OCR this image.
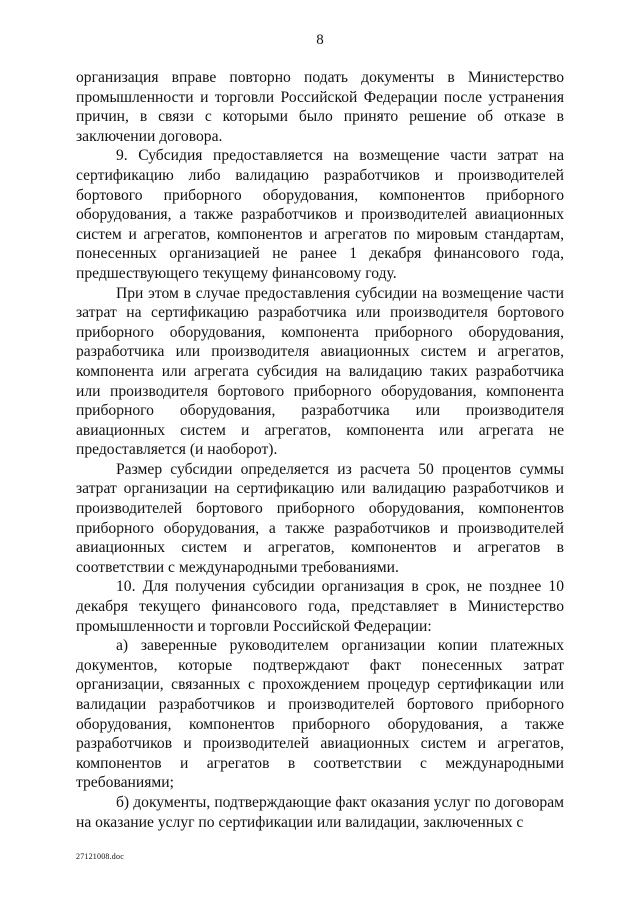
8

организация вправе повторно подать документы в Министерство промышленности и торговли Российской Федерации после устранения причин, в связи с которыми было принято решение об отказе в заключении договора.

9. Субсидия предоставляется на возмещение части затрат на сертификацию либо валидацию разработчиков и производителей бортового приборного оборудования, компонентов приборного оборудования, а также разработчиков и производителей авиационных систем и агрегатов, компонентов и агрегатов по мировым стандартам, понесенных организацией не ранее 1 декабря финансового года, предшествующего текущему финансовому году.

При этом в случае предоставления субсидии на возмещение части затрат на сертификацию разработчика или производителя бортового приборного оборудования, компонента приборного оборудования, разработчика или производителя авиационных систем и агрегатов, компонента или агрегата субсидия на валидацию таких разработчика или производителя бортового приборного оборудования, компонента приборного оборудования, разработчика или производителя авиационных систем и агрегатов, компонента или агрегата не предоставляется (и наоборот).

Размер субсидии определяется из расчета 50 процентов суммы затрат организации на сертификацию или валидацию разработчиков и производителей бортового приборного оборудования, компонентов приборного оборудования, а также разработчиков и производителей авиационных систем и агрегатов, компонентов и агрегатов в соответствии с международными требованиями.

10. Для получения субсидии организация в срок, не позднее 10 декабря текущего финансового года, представляет в Министерство промышленности и торговли Российской Федерации:

а) заверенные руководителем организации копии платежных документов, которые подтверждают факт понесенных затрат организации, связанных с прохождением процедур сертификации или валидации разработчиков и производителей бортового приборного оборудования, компонентов приборного оборудования, а также разработчиков и производителей авиационных систем и агрегатов, компонентов и агрегатов в соответствии с международными требованиями;

б) документы, подтверждающие факт оказания услуг по договорам на оказание услуг по сертификации или валидации, заключенных с

27121008.doc
